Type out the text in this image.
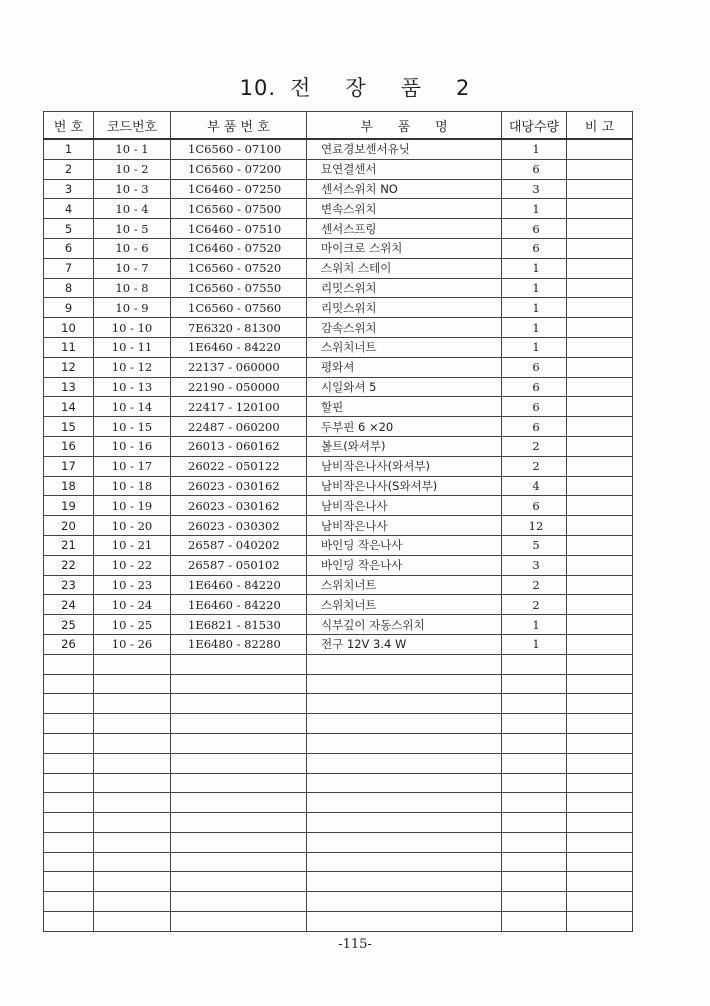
10. 전 장 품 2
번 호	코드번호	부 품 번 호	부      품      명	대당수량	비 고
1	10 - 1	1C6560 - 07100	연료경보센서유닛	1	
2	10 - 2	1C6560 - 07200	묘연결센서	6	
3	10 - 3	1C6460 - 07250	센서스위치 NO	3	
4	10 - 4	1C6560 - 07500	변속스위치	1	
5	10 - 5	1C6460 - 07510	센서스프링	6	
6	10 - 6	1C6460 - 07520	마이크로 스위치	6	
7	10 - 7	1C6560 - 07520	스위치 스테이	1	
8	10 - 8	1C6560 - 07550	리밋스위치	1	
9	10 - 9	1C6560 - 07560	리밋스위치	1	
10	10 - 10	7E6320 - 81300	감속스위치	1	
11	10 - 11	1E6460 - 84220	스위치너트	1	
12	10 - 12	22137 - 060000	평와셔	6	
13	10 - 13	22190 - 050000	시일와셔 5	6	
14	10 - 14	22417 - 120100	할핀	6	
15	10 - 15	22487 - 060200	두부핀 6 ×20	6	
16	10 - 16	26013 - 060162	볼트(와셔부)	2	
17	10 - 17	26022 - 050122	남비작은나사(와셔부)	2	
18	10 - 18	26023 - 030162	남비작은나사(S와셔부)	4	
19	10 - 19	26023 - 030162	남비작은나사	6	
20	10 - 20	26023 - 030302	남비작은나사	12	
21	10 - 21	26587 - 040202	바인딩 작은나사	5	
22	10 - 22	26587 - 050102	바인딩 작은나사	3	
23	10 - 23	1E6460 - 84220	스위치너트	2	
24	10 - 24	1E6460 - 84220	스위치너트	2	
25	10 - 25	1E6821 - 81530	식부깊이 자동스위치	1	
26	10 - 26	1E6480 - 82280	전구 12V 3.4 W	1	

-115-
